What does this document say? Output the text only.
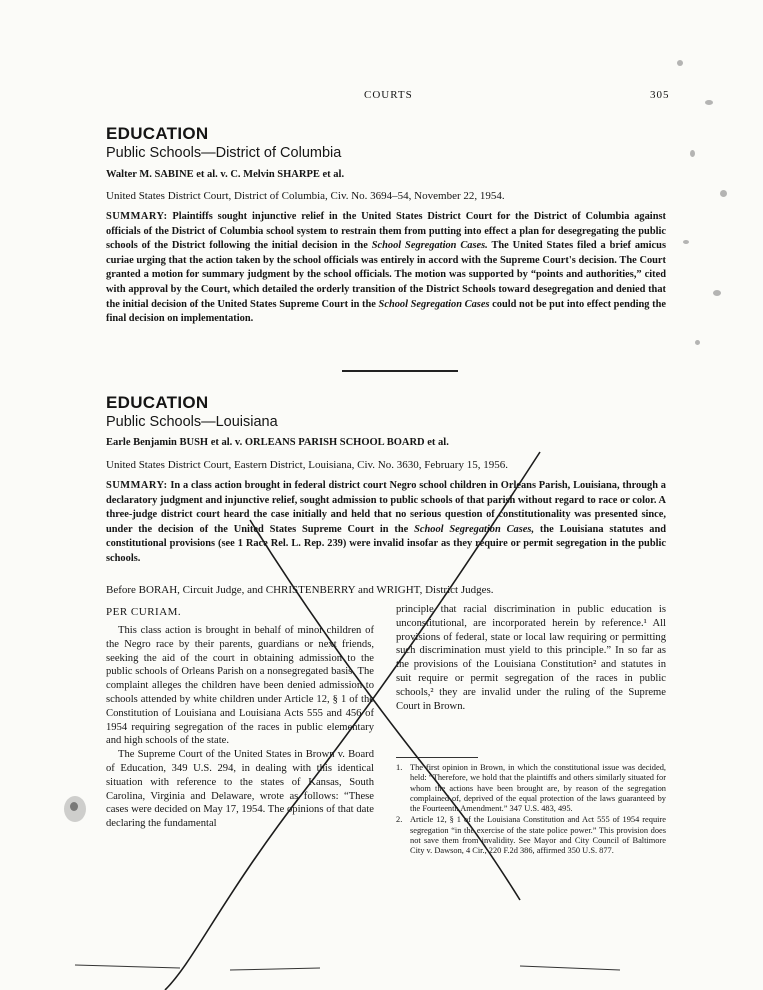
COURTS	305
EDUCATION
Public Schools—District of Columbia
Walter M. SABINE et al. v. C. Melvin SHARPE et al.
United States District Court, District of Columbia, Civ. No. 3694–54, November 22, 1954.
SUMMARY: Plaintiffs sought injunctive relief in the United States District Court for the District of Columbia against officials of the District of Columbia school system to restrain them from putting into effect a plan for desegregating the public schools of the District following the initial decision in the School Segregation Cases. The United States filed a brief amicus curiae urging that the action taken by the school officials was entirely in accord with the Supreme Court's decision. The Court granted a motion for summary judgment by the school officials. The motion was supported by “points and authorities,” cited with approval by the Court, which detailed the orderly transition of the District Schools toward desegregation and denied that the initial decision of the United States Supreme Court in the School Segregation Cases could not be put into effect pending the final decision on implementation.
EDUCATION
Public Schools—Louisiana
Earle Benjamin BUSH et al. v. ORLEANS PARISH SCHOOL BOARD et al.
United States District Court, Eastern District, Louisiana, Civ. No. 3630, February 15, 1956.
SUMMARY: In a class action brought in federal district court Negro school children in Orleans Parish, Louisiana, through a declaratory judgment and injunctive relief, sought admission to public schools of that parish without regard to race or color. A three-judge district court heard the case initially and held that no serious question of constitutionality was presented since, under the decision of the United States Supreme Court in the School Segregation Cases, the Louisiana statutes and constitutional provisions (see 1 Race Rel. L. Rep. 239) were invalid insofar as they require or permit segregation in the public schools.
Before BORAH, Circuit Judge, and CHRISTENBERRY and WRIGHT, District Judges.
PER CURIAM.

This class action is brought in behalf of minor children of the Negro race by their parents, guardians or next friends, seeking the aid of the court in obtaining admission to the public schools of Orleans Parish on a nonsegregated basis. The complaint alleges the children have been denied admission to schools attended by white children under Article 12, § 1 of the Constitution of Louisiana and Louisiana Acts 555 and 456 of 1954 requiring segregation of the races in public elementary and high schools of the state.

The Supreme Court of the United States in Brown v. Board of Education, 349 U.S. 294, in dealing with this identical situation with reference to the states of Kansas, South Carolina, Virginia and Delaware, wrote as follows: “These cases were decided on May 17, 1954. The opinions of that date declaring the fundamental

principle that racial discrimination in public education is unconstitutional, are incorporated herein by reference.¹ All provisions of federal, state or local law requiring or permitting such discrimination must yield to this principle.” In so far as the provisions of the Louisiana Constitution² and statutes in suit require or permit segregation of the races in public schools,² they are invalid under the ruling of the Supreme Court in Brown.

1. The first opinion in Brown, in which the constitutional issue was decided, held: “Therefore, we hold that the plaintiffs and others similarly situated for whom the actions have been brought are, by reason of the segregation complained of, deprived of the equal protection of the laws guaranteed by the Fourteenth Amendment.” 347 U.S. 483, 495.
2. Article 12, § 1 of the Louisiana Constitution and Act 555 of 1954 require segregation “in the exercise of the state police power.” This provision does not save them from invalidity. See Mayor and City Council of Baltimore City v. Dawson, 4 Cir., 220 F.2d 386, affirmed 350 U.S. 877.
